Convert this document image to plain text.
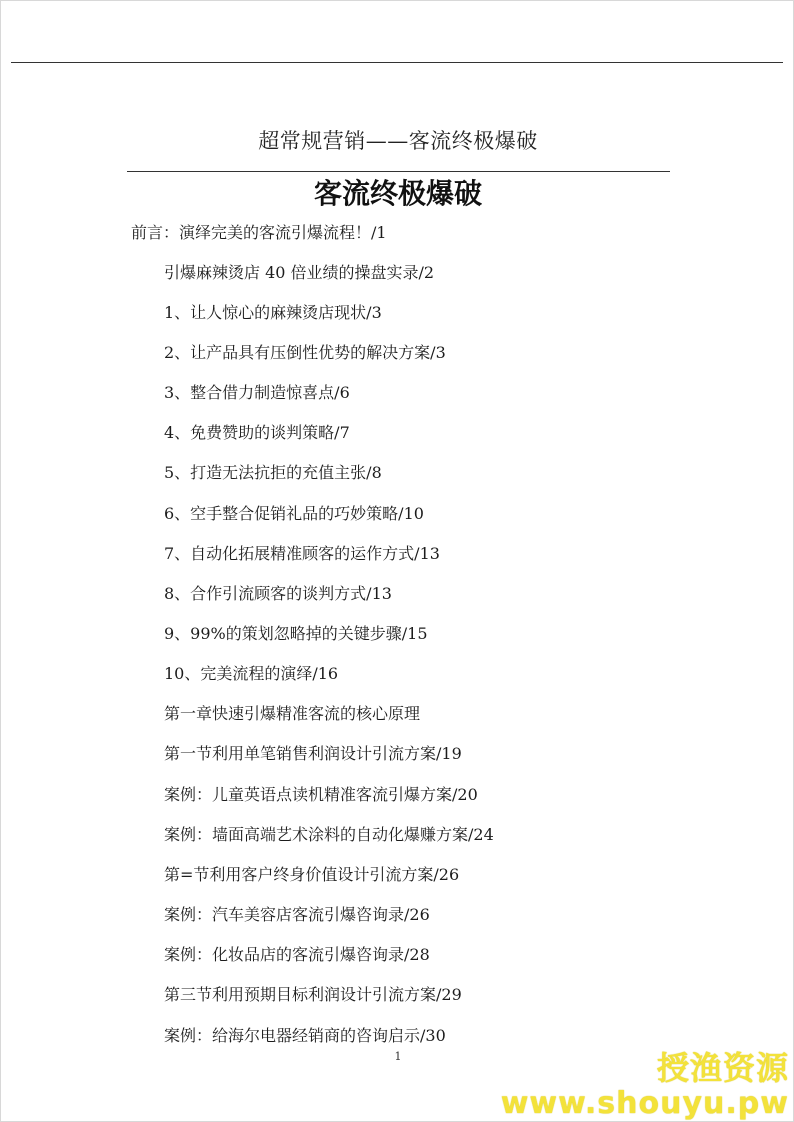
超常规营销——客流终极爆破
客流终极爆破
前言：演绎完美的客流引爆流程！/1
引爆麻辣烫店 40 倍业绩的操盘实录/2
1、让人惊心的麻辣烫店现状/3
2、让产品具有压倒性优势的解决方案/3
3、整合借力制造惊喜点/6
4、免费赞助的谈判策略/7
5、打造无法抗拒的充值主张/8
6、空手整合促销礼品的巧妙策略/10
7、自动化拓展精准顾客的运作方式/13
8、合作引流顾客的谈判方式/13
9、99%的策划忽略掉的关键步骤/15
10、完美流程的演绎/16
第一章快速引爆精准客流的核心原理
第一节利用单笔销售利润设计引流方案/19
案例：儿童英语点读机精准客流引爆方案/20
案例：墙面高端艺术涂料的自动化爆赚方案/24
第=节利用客户终身价值设计引流方案/26
案例：汽车美容店客流引爆咨询录/26
案例：化妆品店的客流引爆咨询录/28
第三节利用预期目标利润设计引流方案/29
案例：给海尔电器经销商的咨询启示/30
1	授渔资源
www.shouyu.pw
